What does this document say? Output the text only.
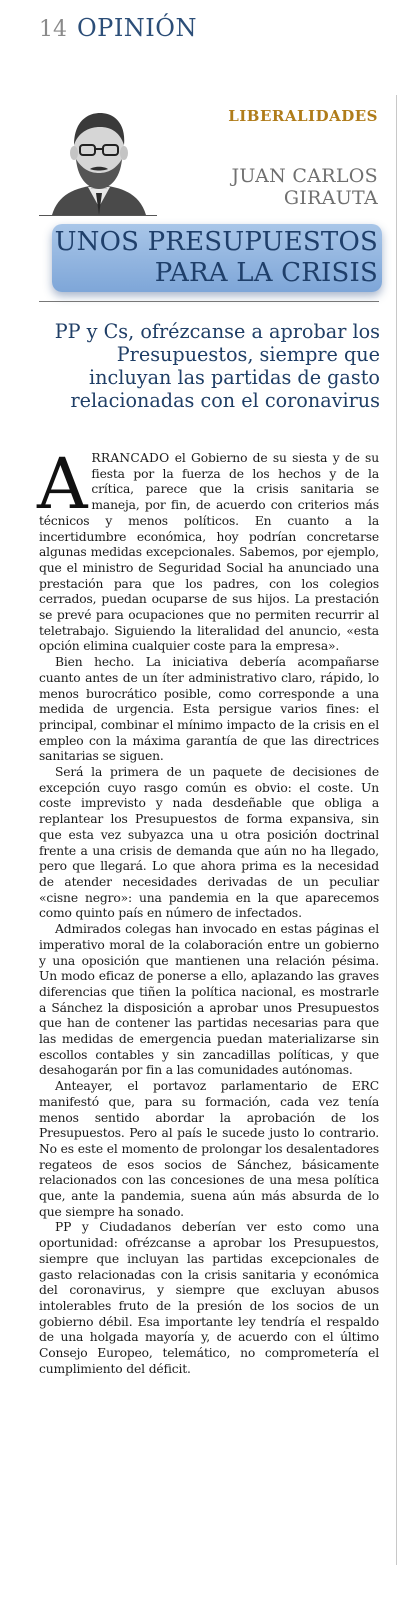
14 OPINIÓN
LIBERALIDADES
JUAN CARLOS
GIRAUTA
UNOS PRESUPUESTOS
PARA LA CRISIS
PP y Cs, ofrézcanse a aprobar los Presupuestos, siempre que incluyan las partidas de gasto relacionadas con el coronavirus

ARRANCADO el Gobierno de su siesta y de su fiesta por la fuerza de los hechos y de la crítica, parece que la crisis sanitaria se maneja, por fin, de acuerdo con criterios más técnicos y menos políticos. En cuanto a la incertidumbre económica, hoy podrían concretarse algunas medidas excepcionales. Sabemos, por ejemplo, que el ministro de Seguridad Social ha anunciado una prestación para que los padres, con los colegios cerrados, puedan ocuparse de sus hijos. La prestación se prevé para ocupaciones que no permiten recurrir al teletrabajo. Siguiendo la literalidad del anuncio, «esta opción elimina cualquier coste para la empresa».

Bien hecho. La iniciativa debería acompañarse cuanto antes de un íter administrativo claro, rápido, lo menos burocrático posible, como corresponde a una medida de urgencia. Esta persigue varios fines: el principal, combinar el mínimo impacto de la crisis en el empleo con la máxima garantía de que las directrices sanitarias se siguen.

Será la primera de un paquete de decisiones de excepción cuyo rasgo común es obvio: el coste. Un coste imprevisto y nada desdeñable que obliga a replantear los Presupuestos de forma expansiva, sin que esta vez subyazca una u otra posición doctrinal frente a una crisis de demanda que aún no ha llegado, pero que llegará. Lo que ahora prima es la necesidad de atender necesidades derivadas de un peculiar «cisne negro»: una pandemia en la que aparecemos como quinto país en número de infectados.

Admirados colegas han invocado en estas páginas el imperativo moral de la colaboración entre un gobierno y una oposición que mantienen una relación pésima. Un modo eficaz de ponerse a ello, aplazando las graves diferencias que tiñen la política nacional, es mostrarle a Sánchez la disposición a aprobar unos Presupuestos que han de contener las partidas necesarias para que las medidas de emergencia puedan materializarse sin escollos contables y sin zancadillas políticas, y que desahogarán por fin a las comunidades autónomas.

Anteayer, el portavoz parlamentario de ERC manifestó que, para su formación, cada vez tenía menos sentido abordar la aprobación de los Presupuestos. Pero al país le sucede justo lo contrario. No es este el momento de prolongar los desalentadores regateos de esos socios de Sánchez, básicamente relacionados con las concesiones de una mesa política que, ante la pandemia, suena aún más absurda de lo que siempre ha sonado.

PP y Ciudadanos deberían ver esto como una oportunidad: ofrézcanse a aprobar los Presupuestos, siempre que incluyan las partidas excepcionales de gasto relacionadas con la crisis sanitaria y económica del coronavirus, y siempre que excluyan abusos intolerables fruto de la presión de los socios de un gobierno débil. Esa importante ley tendría el respaldo de una holgada mayoría y, de acuerdo con el último Consejo Europeo, telemático, no comprometería el cumplimiento del déficit.
